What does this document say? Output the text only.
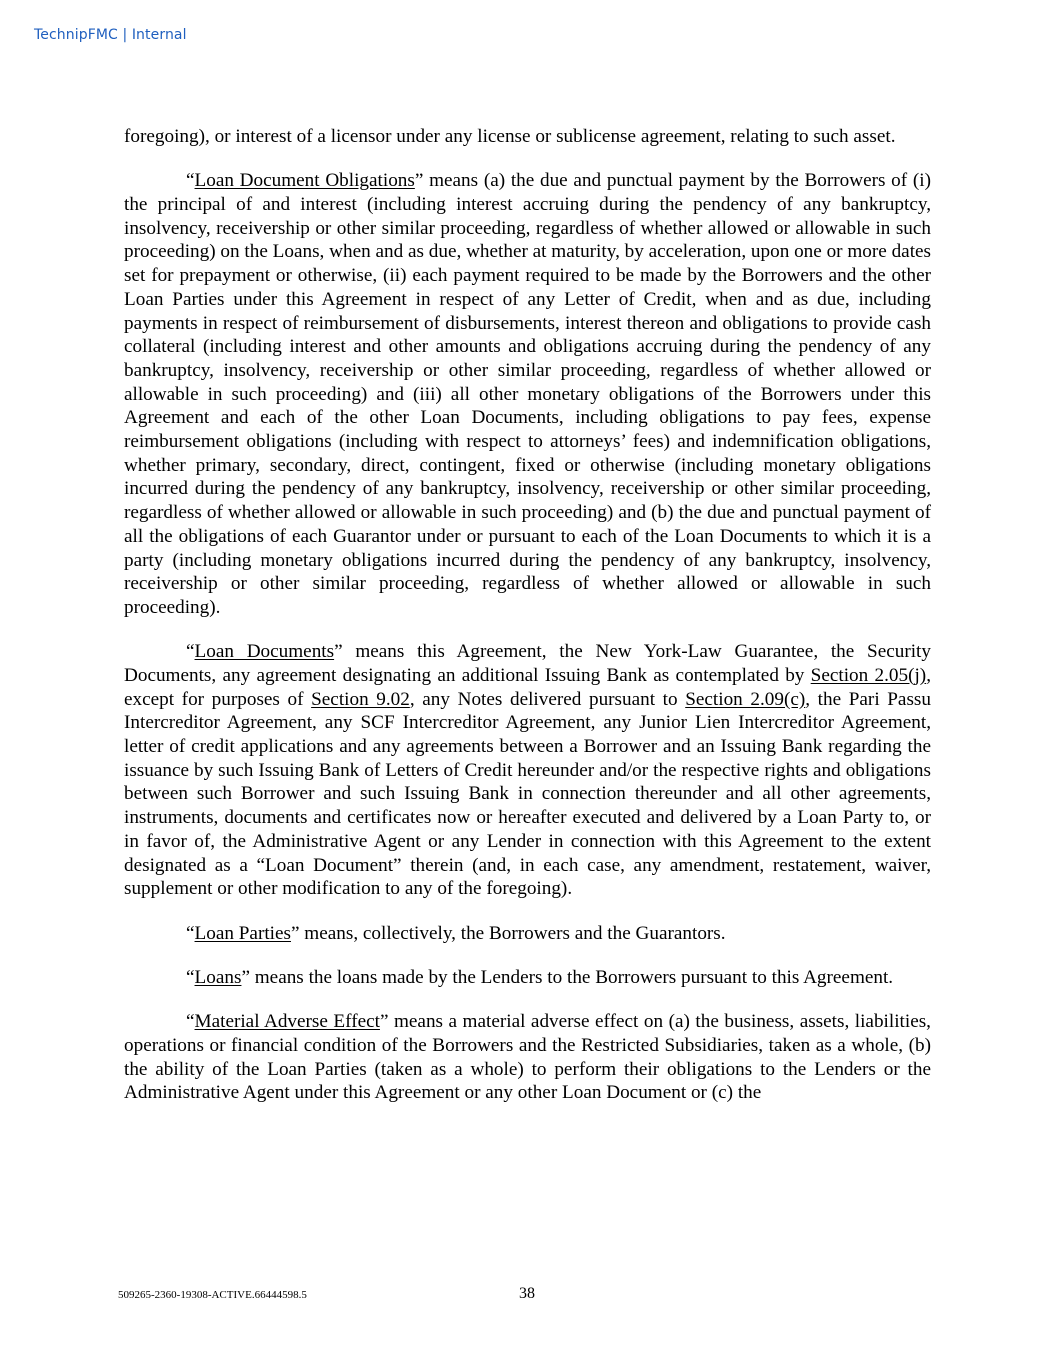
TechnipFMC | Internal

foregoing), or interest of a licensor under any license or sublicense agreement, relating to such asset.

“Loan Document Obligations” means (a) the due and punctual payment by the Borrowers of (i) the principal of and interest (including interest accruing during the pendency of any bankruptcy, insolvency, receivership or other similar proceeding, regardless of whether allowed or allowable in such proceeding) on the Loans, when and as due, whether at maturity, by acceleration, upon one or more dates set for prepayment or otherwise, (ii) each payment required to be made by the Borrowers and the other Loan Parties under this Agreement in respect of any Letter of Credit, when and as due, including payments in respect of reimbursement of disbursements, interest thereon and obligations to provide cash collateral (including interest and other amounts and obligations accruing during the pendency of any bankruptcy, insolvency, receivership or other similar proceeding, regardless of whether allowed or allowable in such proceeding) and (iii) all other monetary obligations of the Borrowers under this Agreement and each of the other Loan Documents, including obligations to pay fees, expense reimbursement obligations (including with respect to attorneys’ fees) and indemnification obligations, whether primary, secondary, direct, contingent, fixed or otherwise (including monetary obligations incurred during the pendency of any bankruptcy, insolvency, receivership or other similar proceeding, regardless of whether allowed or allowable in such proceeding) and (b) the due and punctual payment of all the obligations of each Guarantor under or pursuant to each of the Loan Documents to which it is a party (including monetary obligations incurred during the pendency of any bankruptcy, insolvency, receivership or other similar proceeding, regardless of whether allowed or allowable in such proceeding).

“Loan Documents” means this Agreement, the New York-Law Guarantee, the Security Documents, any agreement designating an additional Issuing Bank as contemplated by Section 2.05(j), except for purposes of Section 9.02, any Notes delivered pursuant to Section 2.09(c), the Pari Passu Intercreditor Agreement, any SCF Intercreditor Agreement, any Junior Lien Intercreditor Agreement, letter of credit applications and any agreements between a Borrower and an Issuing Bank regarding the issuance by such Issuing Bank of Letters of Credit hereunder and/or the respective rights and obligations between such Borrower and such Issuing Bank in connection thereunder and all other agreements, instruments, documents and certificates now or hereafter executed and delivered by a Loan Party to, or in favor of, the Administrative Agent or any Lender in connection with this Agreement to the extent designated as a “Loan Document” therein (and, in each case, any amendment, restatement, waiver, supplement or other modification to any of the foregoing).

“Loan Parties” means, collectively, the Borrowers and the Guarantors.

“Loans” means the loans made by the Lenders to the Borrowers pursuant to this Agreement.

“Material Adverse Effect” means a material adverse effect on (a) the business, assets, liabilities, operations or financial condition of the Borrowers and the Restricted Subsidiaries, taken as a whole, (b) the ability of the Loan Parties (taken as a whole) to perform their obligations to the Lenders or the Administrative Agent under this Agreement or any other Loan Document or (c) the

509265-2360-19308-ACTIVE.66444598.5	38
